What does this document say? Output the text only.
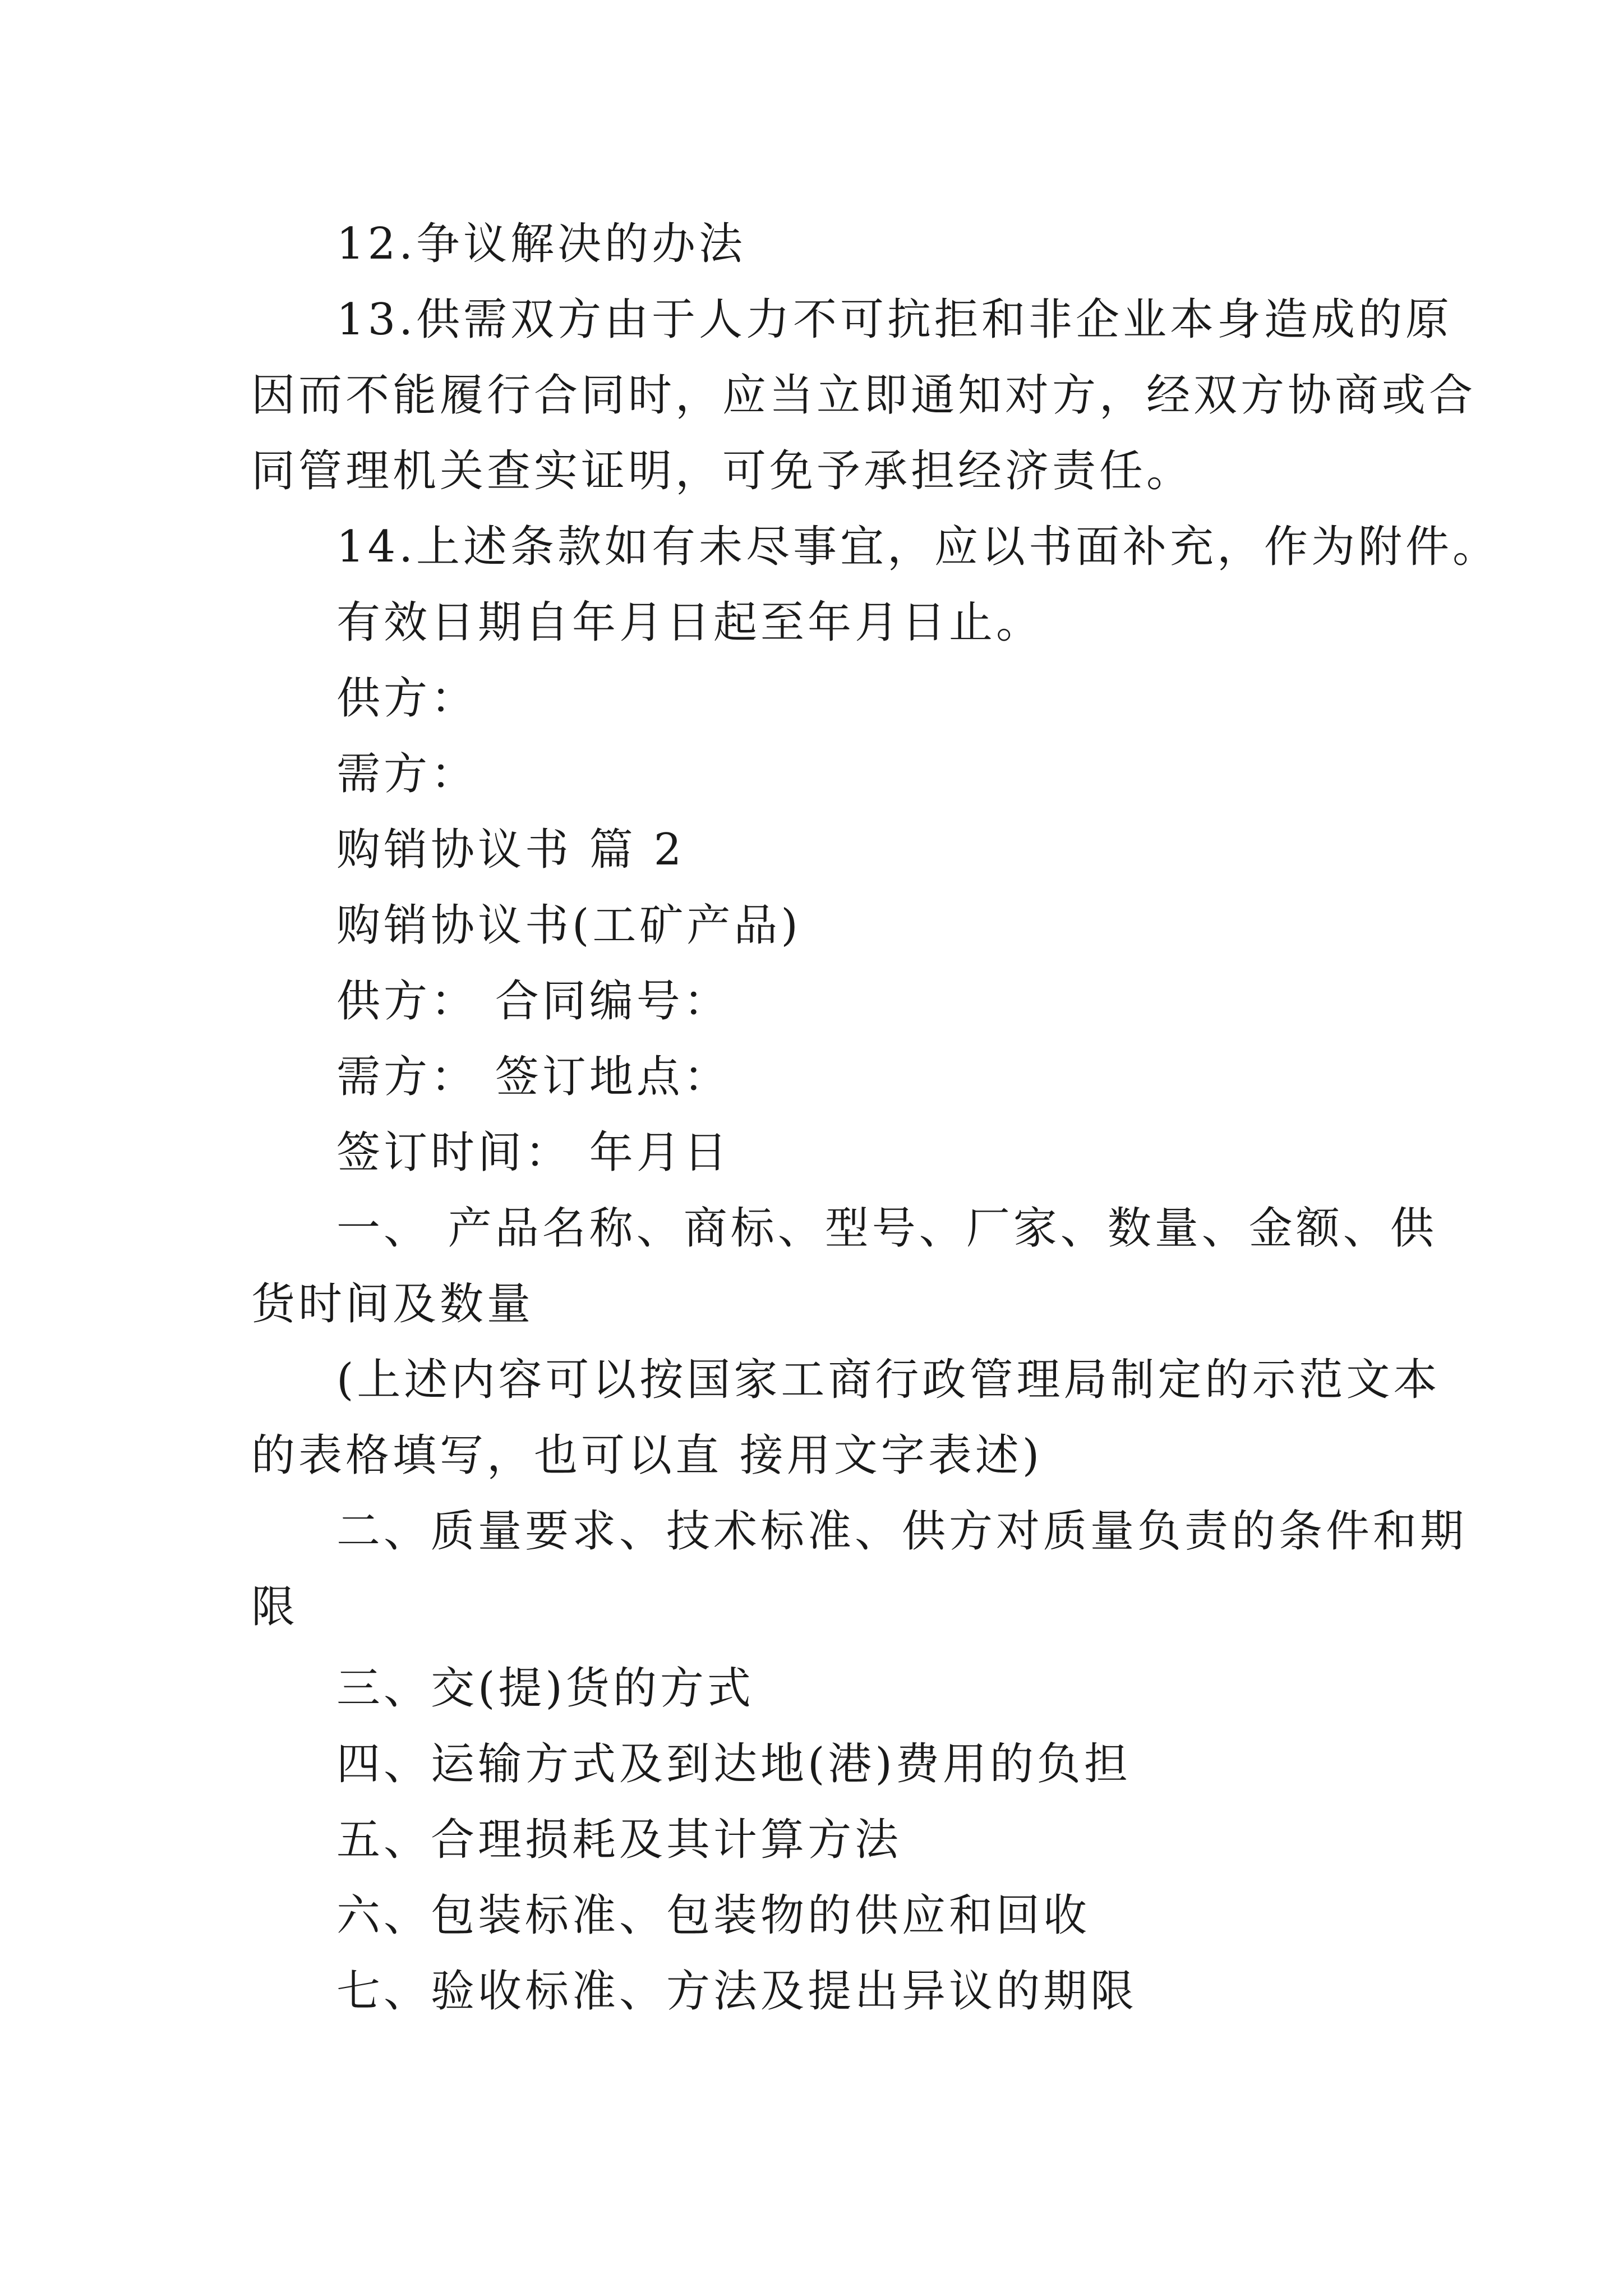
12.争议解决的办法

13.供需双方由于人力不可抗拒和非企业本身造成的原

因而不能履行合同时，应当立即通知对方，经双方协商或合

同管理机关查实证明，可免予承担经济责任。

14.上述条款如有未尽事宜，应以书面补充，作为附件。

有效日期自年月日起至年月日止。

供方：

需方：

购销协议书 篇 2

购销协议书(工矿产品)

供方： 合同编号：

需方： 签订地点：

签订时间： 年月日

一、 产品名称、商标、型号、厂家、数量、金额、供

货时间及数量

(上述内容可以按国家工商行政管理局制定的示范文本

的表格填写，也可以直 接用文字表述)

二、质量要求、技术标准、供方对质量负责的条件和期

限

三、交(提)货的方式

四、运输方式及到达地(港)费用的负担

五、合理损耗及其计算方法

六、包装标准、包装物的供应和回收

七、验收标准、方法及提出异议的期限
